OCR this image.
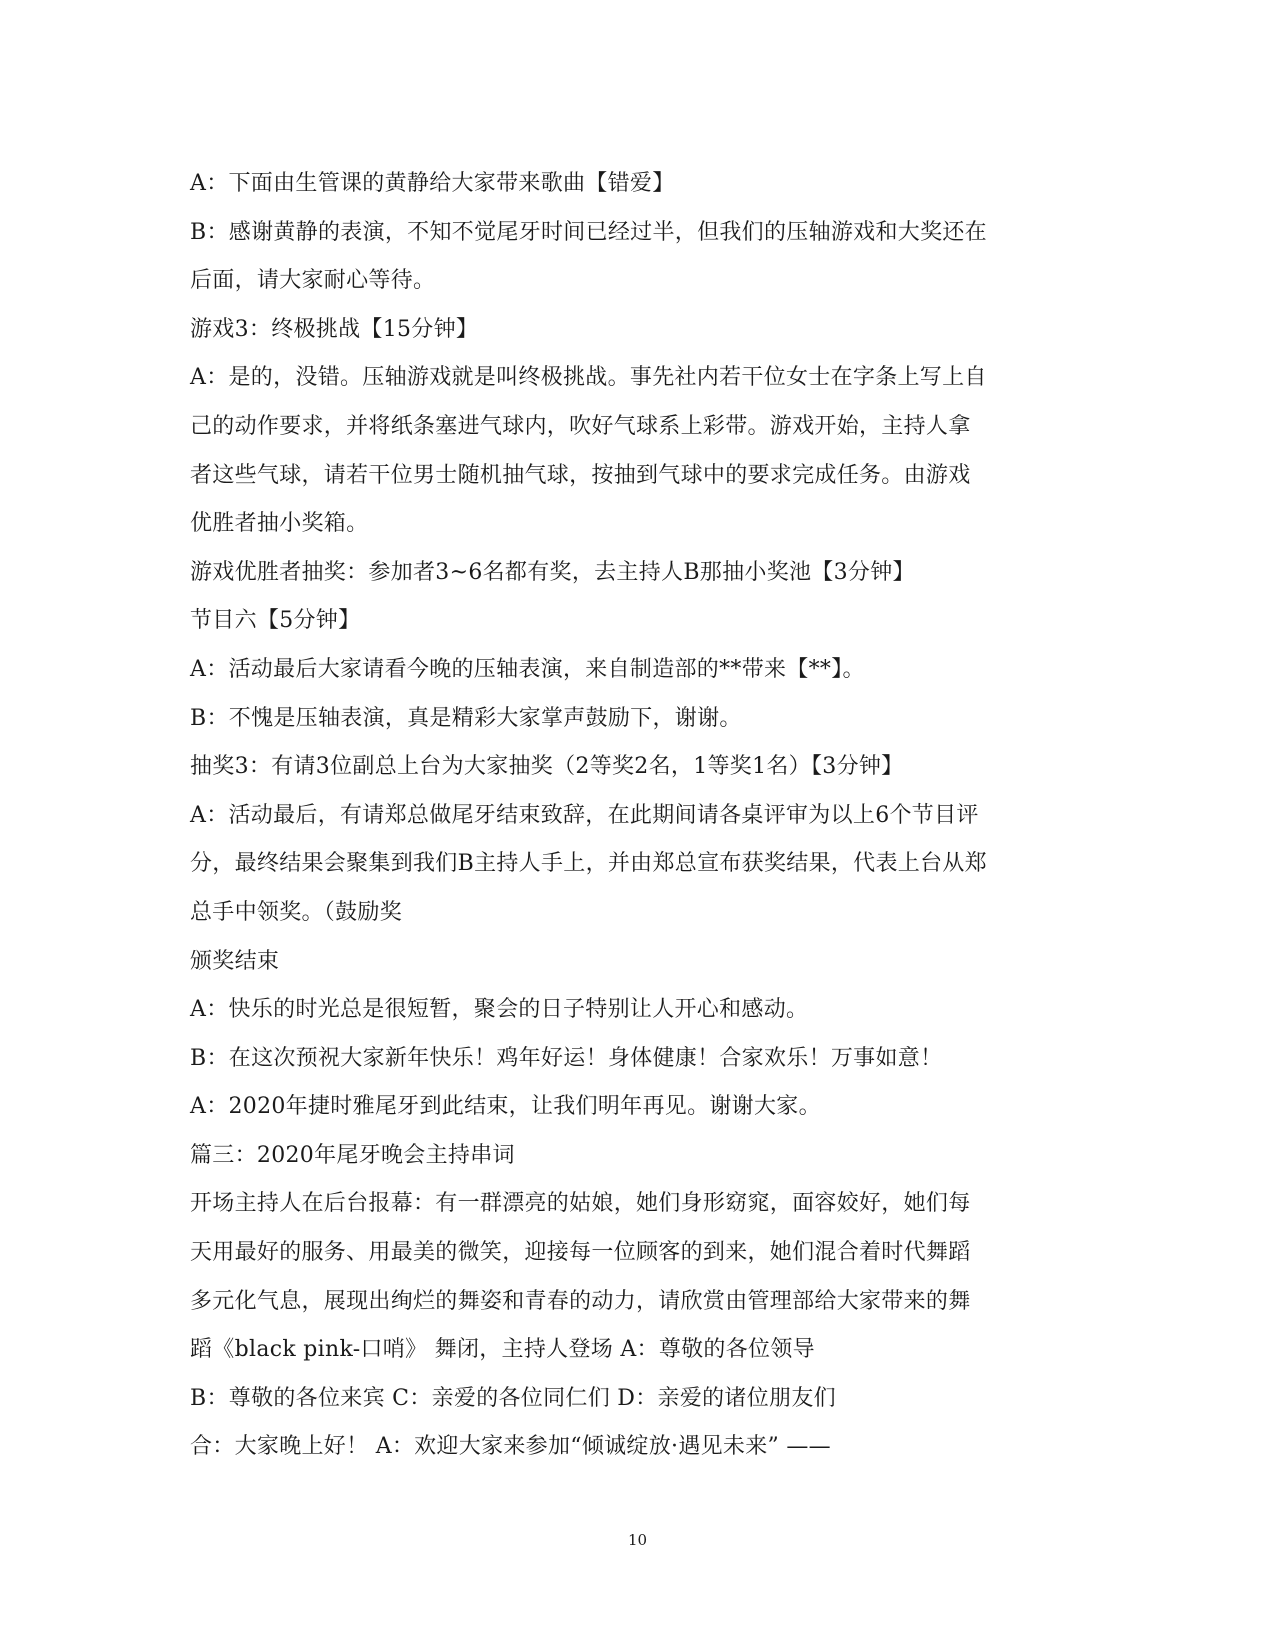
A：下面由生管课的黄静给大家带来歌曲【错爱】
B：感谢黄静的表演，不知不觉尾牙时间已经过半，但我们的压轴游戏和大奖还在
后面，请大家耐心等待。
游戏3：终极挑战【15分钟】
A：是的，没错。压轴游戏就是叫终极挑战。事先社内若干位女士在字条上写上自
己的动作要求，并将纸条塞进气球内，吹好气球系上彩带。游戏开始，主持人拿
者这些气球，请若干位男士随机抽气球，按抽到气球中的要求完成任务。由游戏
优胜者抽小奖箱。
游戏优胜者抽奖：参加者3~6名都有奖，去主持人B那抽小奖池【3分钟】
节目六【5分钟】
A：活动最后大家请看今晚的压轴表演，来自制造部的**带来【**】。
B：不愧是压轴表演，真是精彩大家掌声鼓励下，谢谢。
抽奖3：有请3位副总上台为大家抽奖（2等奖2名，1等奖1名）【3分钟】
A：活动最后，有请郑总做尾牙结束致辞，在此期间请各桌评审为以上6个节目评
分，最终结果会聚集到我们B主持人手上，并由郑总宣布获奖结果，代表上台从郑
总手中领奖。（鼓励奖
颁奖结束
A：快乐的时光总是很短暂，聚会的日子特别让人开心和感动。
B：在这次预祝大家新年快乐！鸡年好运！身体健康！合家欢乐！万事如意！
A：2020年捷时雅尾牙到此结束，让我们明年再见。谢谢大家。
篇三：2020年尾牙晚会主持串词
开场主持人在后台报幕：有一群漂亮的姑娘，她们身形窈窕，面容姣好，她们每
天用最好的服务、用最美的微笑，迎接每一位顾客的到来，她们混合着时代舞蹈
多元化气息，展现出绚烂的舞姿和青春的动力，请欣赏由管理部给大家带来的舞
蹈《black pink-口哨》 舞闭，主持人登场 A：尊敬的各位领导
B：尊敬的各位来宾 C：亲爱的各位同仁们 D：亲爱的诸位朋友们
合：大家晚上好！ A：欢迎大家来参加“倾诚绽放·遇见未来” ——
10
